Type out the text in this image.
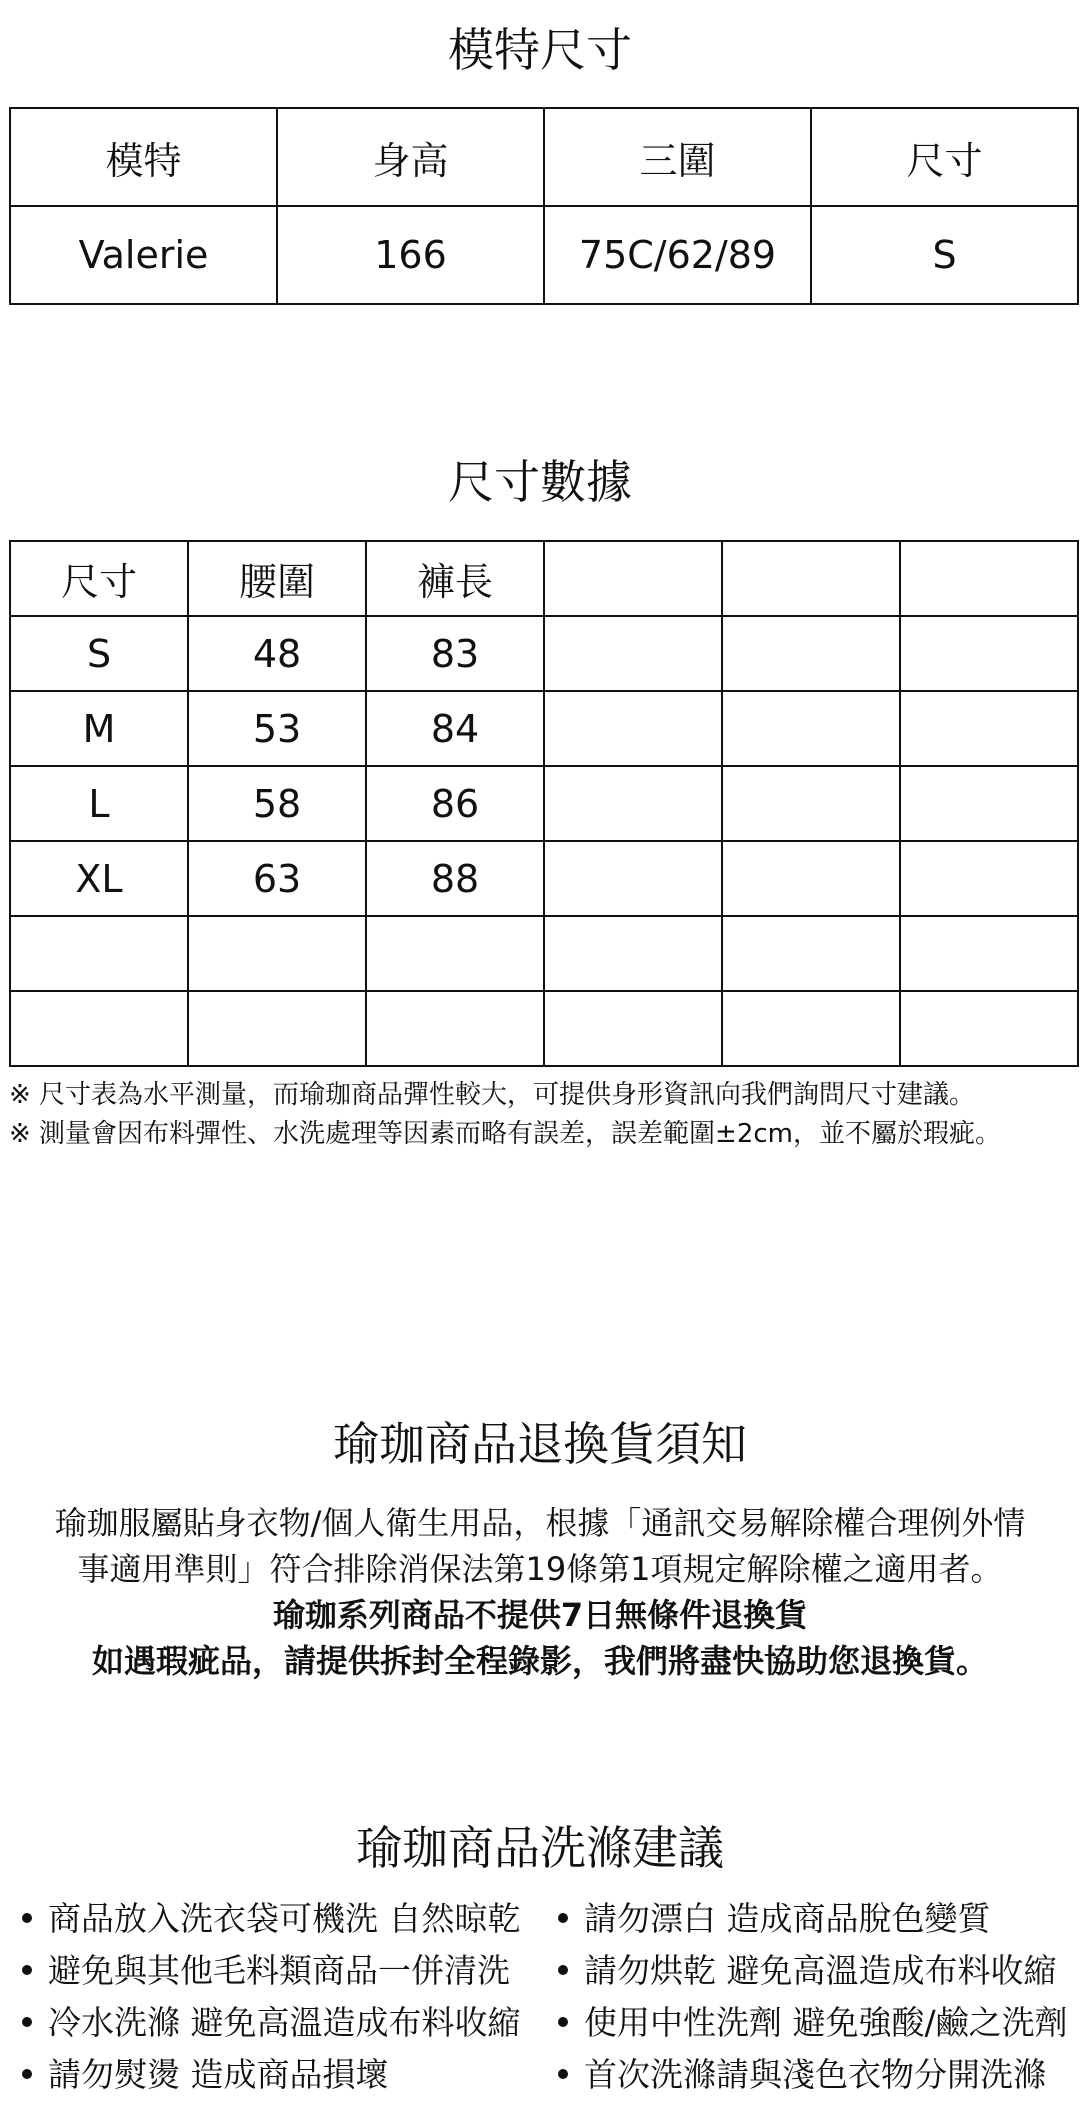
模特尺寸
模特	身高	三圍	尺寸
Valerie	166	75C/62/89	S
尺寸數據
尺寸	腰圍	褲長			
S	48	83			
M	53	84			
L	58	86			
XL	63	88			

※ 尺寸表為水平測量，而瑜珈商品彈性較大，可提供身形資訊向我們詢問尺寸建議。
※ 測量會因布料彈性、水洗處理等因素而略有誤差，誤差範圍±2cm，並不屬於瑕疵。
瑜珈商品退換貨須知

瑜珈服屬貼身衣物/個人衛生用品，根據「通訊交易解除權合理例外情

事適用準則」符合排除消保法第19條第1項規定解除權之適用者。

瑜珈系列商品不提供7日無條件退換貨

如遇瑕疵品，請提供拆封全程錄影，我們將盡快協助您退換貨。

瑜珈商品洗滌建議
商品放入洗衣袋可機洗 自然晾乾
避免與其他毛料類商品一併清洗
冷水洗滌 避免高溫造成布料收縮
請勿熨燙 造成商品損壞
請勿漂白 造成商品脫色變質
請勿烘乾 避免高溫造成布料收縮
使用中性洗劑 避免強酸/鹼之洗劑
首次洗滌請與淺色衣物分開洗滌
